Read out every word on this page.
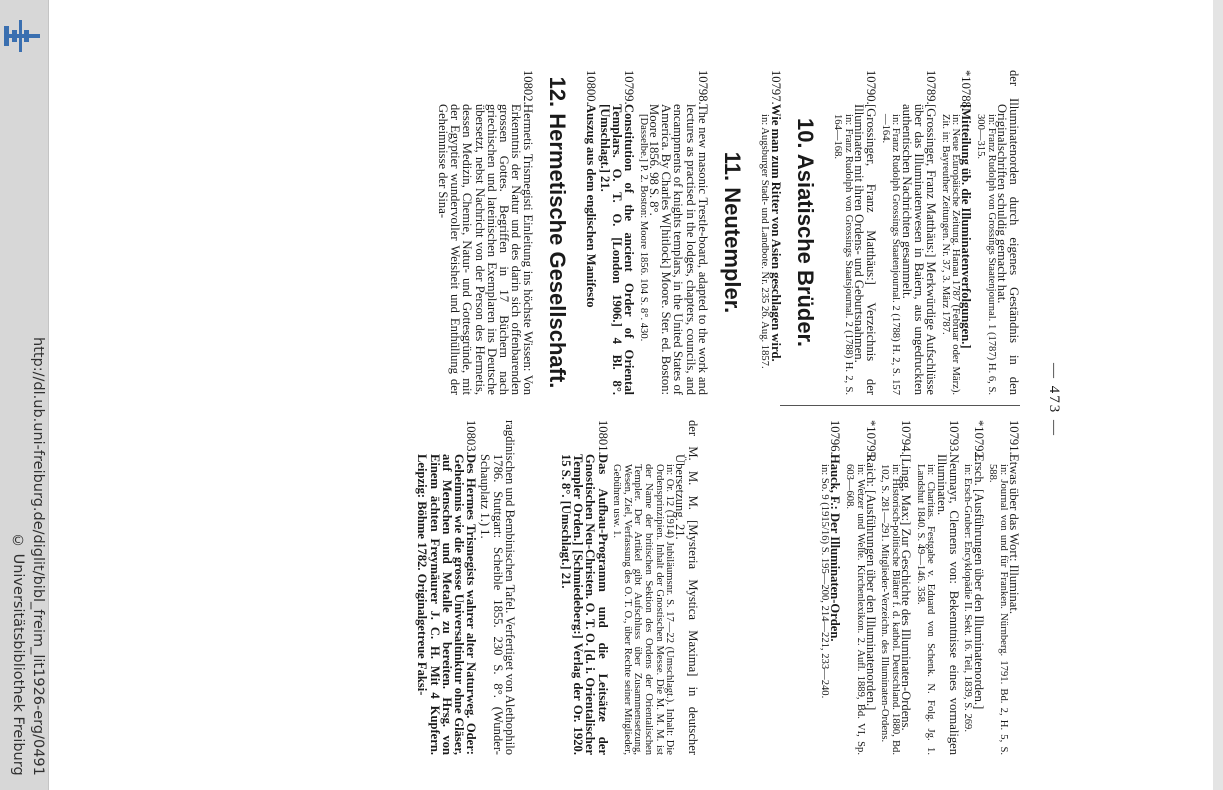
http://dl.ub.uni-freiburg.de/diglit/bibl_freim_lit1926-erg/0491
© Universitätsbibliothek Freiburg
— 473 —
der Illuminatenorden durch eigenes Geständnis in den Originalschriften schuldig gemacht hat.
in: Franz Rudolph von Grossings Staatenjournal. 1 (1787) H. 6, S. 300—315.
*10788.[Mitteilung üb. die Illuminatenverfolgungen.]
in: Neue Europäische Zeitung. Hanau 1787 (Februar oder März). Zit. in: Bayreuther Zeitungen. Nr. 37, 3. März 1787.
10789.[Grossinger, Franz Matthäus:] Merkwürdige Aufschlüsse über das Illuminatenwesen in Baiern, aus ungedruckten authentischen Nachrichten gesammelt.
in: Franz Rudolph Grossings Staatenjournal. 2 (1788) H. 2, S. 157—164.
10790.[Grossinger, Franz Matthäus:] Verzeichnis der Illuminaten mit ihren Ordens- und Geburtsnahmen.
in: Franz Rudolph von Grossings Staatsjournal. 2 (1788) H. 2, S. 164—168.
10. Asiatische Brüder.
10797.Wie man zum Ritter von Asien geschlagen wird.
in: Augsburger Stadt- und Landbote. Nr. 235 26. Aug. 1857.
11. Neutempler.
10798.The new masonic Trestle-board, adapted to the work and lectures as practised in the lodges, chapters, councils, and encampments of knights templars, in the United States of America. By Charles W[hitlock] Moore. Ster. ed. Boston: Moore 1856. 98 S. 8°.
[Dasselbe.] P. 2. Boston: Moore 1856. 104 S. 8°. 430.
10799.Constitution of the ancient Order of Oriental Templars. O. T. O. [London 1906.] 4 Bl. 8°. [Umschlagt.] 21.
10800.Auszug aus dem englischen Manifesto
12. Hermetische Gesellschaft.
10802.Hermetis Trismegisti Einleitung ins höchste Wissen: Von Erkenntnis der Natur und des darin sich offenbarenden grossen Gottes. Begriffen in 17 Büchern nach griechischen und lateinischen Exemplaren ins Deutsche übersetzt, nebst Nachricht von der Person des Hermetis, dessen Medizin, Chemie, Natur- und Gottesgründe, mit der Egyptier wundervoller Weisheit und Enthüllung der Geheimnisse der Sina-
10791.Etwas über das Wort: Illuminat.
in: Journal von und für Franken. Nürnberg. 1791. Bd. 2, H. 5, S. 588.
*10792.Ersch. [Ausführungen über den Illuminatenorden.]
in: Ersch-Gruber: Encyklopädie II. Sekt. 16. Teil, 1839, S. 269.
10793.Neumayr, Clemens von: Bekenntnisse eines vormaligen Illuminaten.
in: Charitas. Festgabe v. Eduard von Schenk. N. Folg. Jg. 1. Landshut 1840. S. 49—146. 358.
10794.[Lingg, Max:] Zur Geschichte des Illuminaten-Ordens.
in: Historisch-politische Blätter f. d. kathol. Deutschland. 1880, Bd. 102, S. 281—291. Mitglieder-Verzeichn. des Illuminaten-Ordens.
*10795.Raich: [Ausführungen über den Illuminatenorden.]
in: Wetzer und Welte. Kirchenlexikon. 2. Aufl. 1889, Bd. VI, Sp. 603—608.
10796.Hauck, F.: Der Illuminaten-Orden.
in: So. 9 (1915/16) S. 195—200, 214—221, 233—240.
der M. M. M. [Mysteria Mystica Maxima] in deutscher Übersetzung. 21.
in: Or. 12 (1914) Jubiläumsnr. S. 17—22 (Umschlagt.). Inhalt: Die Ordensprinzipien. Inhalt der Gnostischen Messe. Die M. M. M. ist der Name der britischen Sektion des Ordens der Orientalischen Templer. Der Artikel gibt Aufschluss über Zusammensetzung, Wesen, Ziel, Verfassung des O. T. O., über Rechte seiner Mitglieder, Gebühren usw. 1.
10801.Das Aufbau-Programm und die Leitsätze der Gnostischen Neu-Christen. O. T. O. [d. i. Orientalischer Templer Orden.] [Schmiedeberg:] Verlag der Or. 1920. 15 S. 8°. [Umschlagt.] 21.
ragdinischen und Bembinischen Tafel. Verfertiget von Alethophilo 1786. Stuttgart: Scheible 1855. 230 S. 8°. (Wunder-Schauplatz 1.) 1.
10803.Des Hermes Trismegists wahrer alter Naturweg. Oder: Geheimnis wie die grosse Universaltinktur ohne Gläser, auf Menschen und Metalle zu bereiten. Hrsg. von Einem ächten Freymäurer J. C. H. Mit 4 Kupfern. Leipzig: Böhme 1782. Originalgetreue Faksi-
